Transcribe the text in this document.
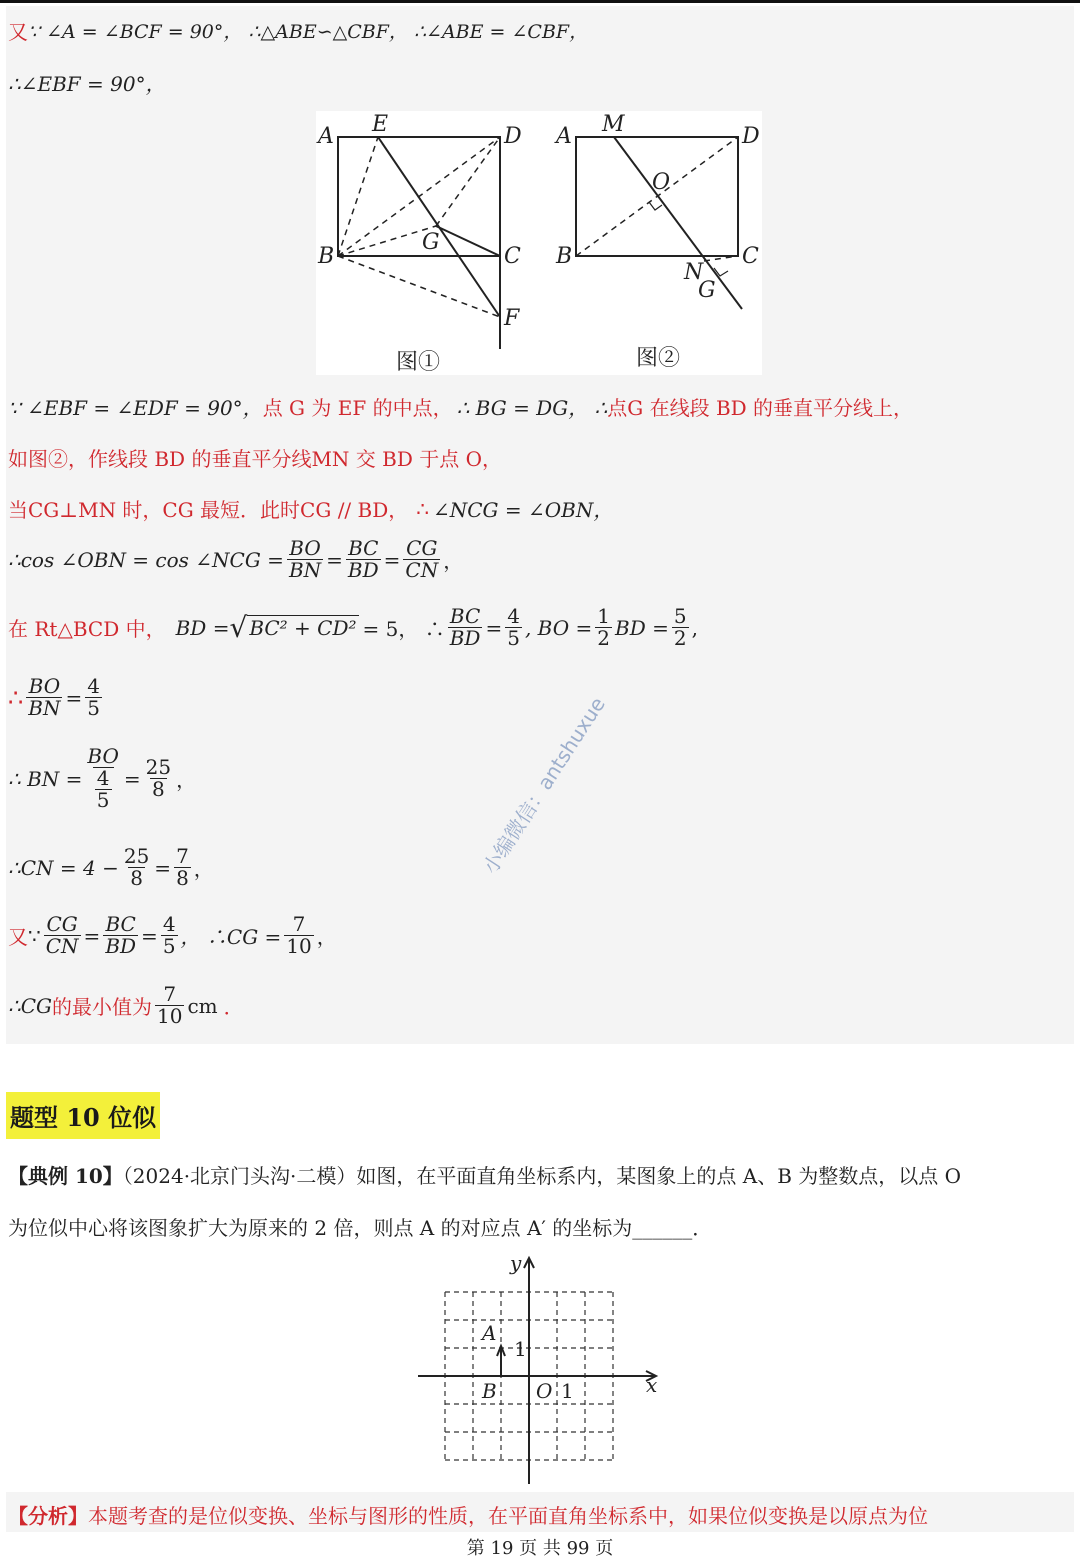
又 ∵ ∠A = ∠BCF = 90°， ∴△ABE∽△CBF， ∴∠ABE = ∠CBF，
∴∠EBF = 90°，
A E	D
B
G
C
F
图①
A M	D
O
B	C
N
G
图②
∵ ∠EBF = ∠EDF = 90°， 点 G 为 EF 的中点， ∴ BG = DG， ∴ 点G 在线段 BD 的垂直平分线上，
如图②，作线段 BD 的垂直平分线MN 交 BD 于点 O，
当CG⊥MN 时，CG 最短．此时CG // BD， ∴ ∠NCG = ∠OBN，
∴cos ∠OBN = cos ∠NCG = $\frac{BO}{BN} = \frac{BC}{BD} = \frac{CG}{CN}$ ，
在 Rt△BCD 中， BD = √ BC² + CD² = 5， ∴ $\frac{BC}{BD} = \frac{4}{5}$ , BO = $\frac{1}{2}$ BD = $\frac{5}{2}$ ,
∴ $\frac{BO}{BN} = \frac{4}{5}$
∴ BN = BO
4
$5 = \frac{25}{8}$ ，
∴CN = $4 - \frac{25}{8} = \frac{7}{8}$ ，
又 ∵ $\frac{CG}{CN} = \frac{BC}{BD} = \frac{4}{5}$ ， ∴CG = $\frac{7}{10}$ ，
∴CG 的最小值为 $\frac{7}{10}$ cm ．
小编微信：antshuxue
题型 10 位似
【典例 10】（2024·北京门头沟·二模）如图，在平面直角坐标系内，某图象上的点 A、B 为整数点，以点 O
为位似中心将该图象扩大为原来的 2 倍，则点 A 的对应点 A′ 的坐标为______．
y
x
A
B O 1
1
【分析】本题考查的是位似变换、坐标与图形的性质，在平面直角坐标系中，如果位似变换是以原点为位
第 19 页 共 99 页
